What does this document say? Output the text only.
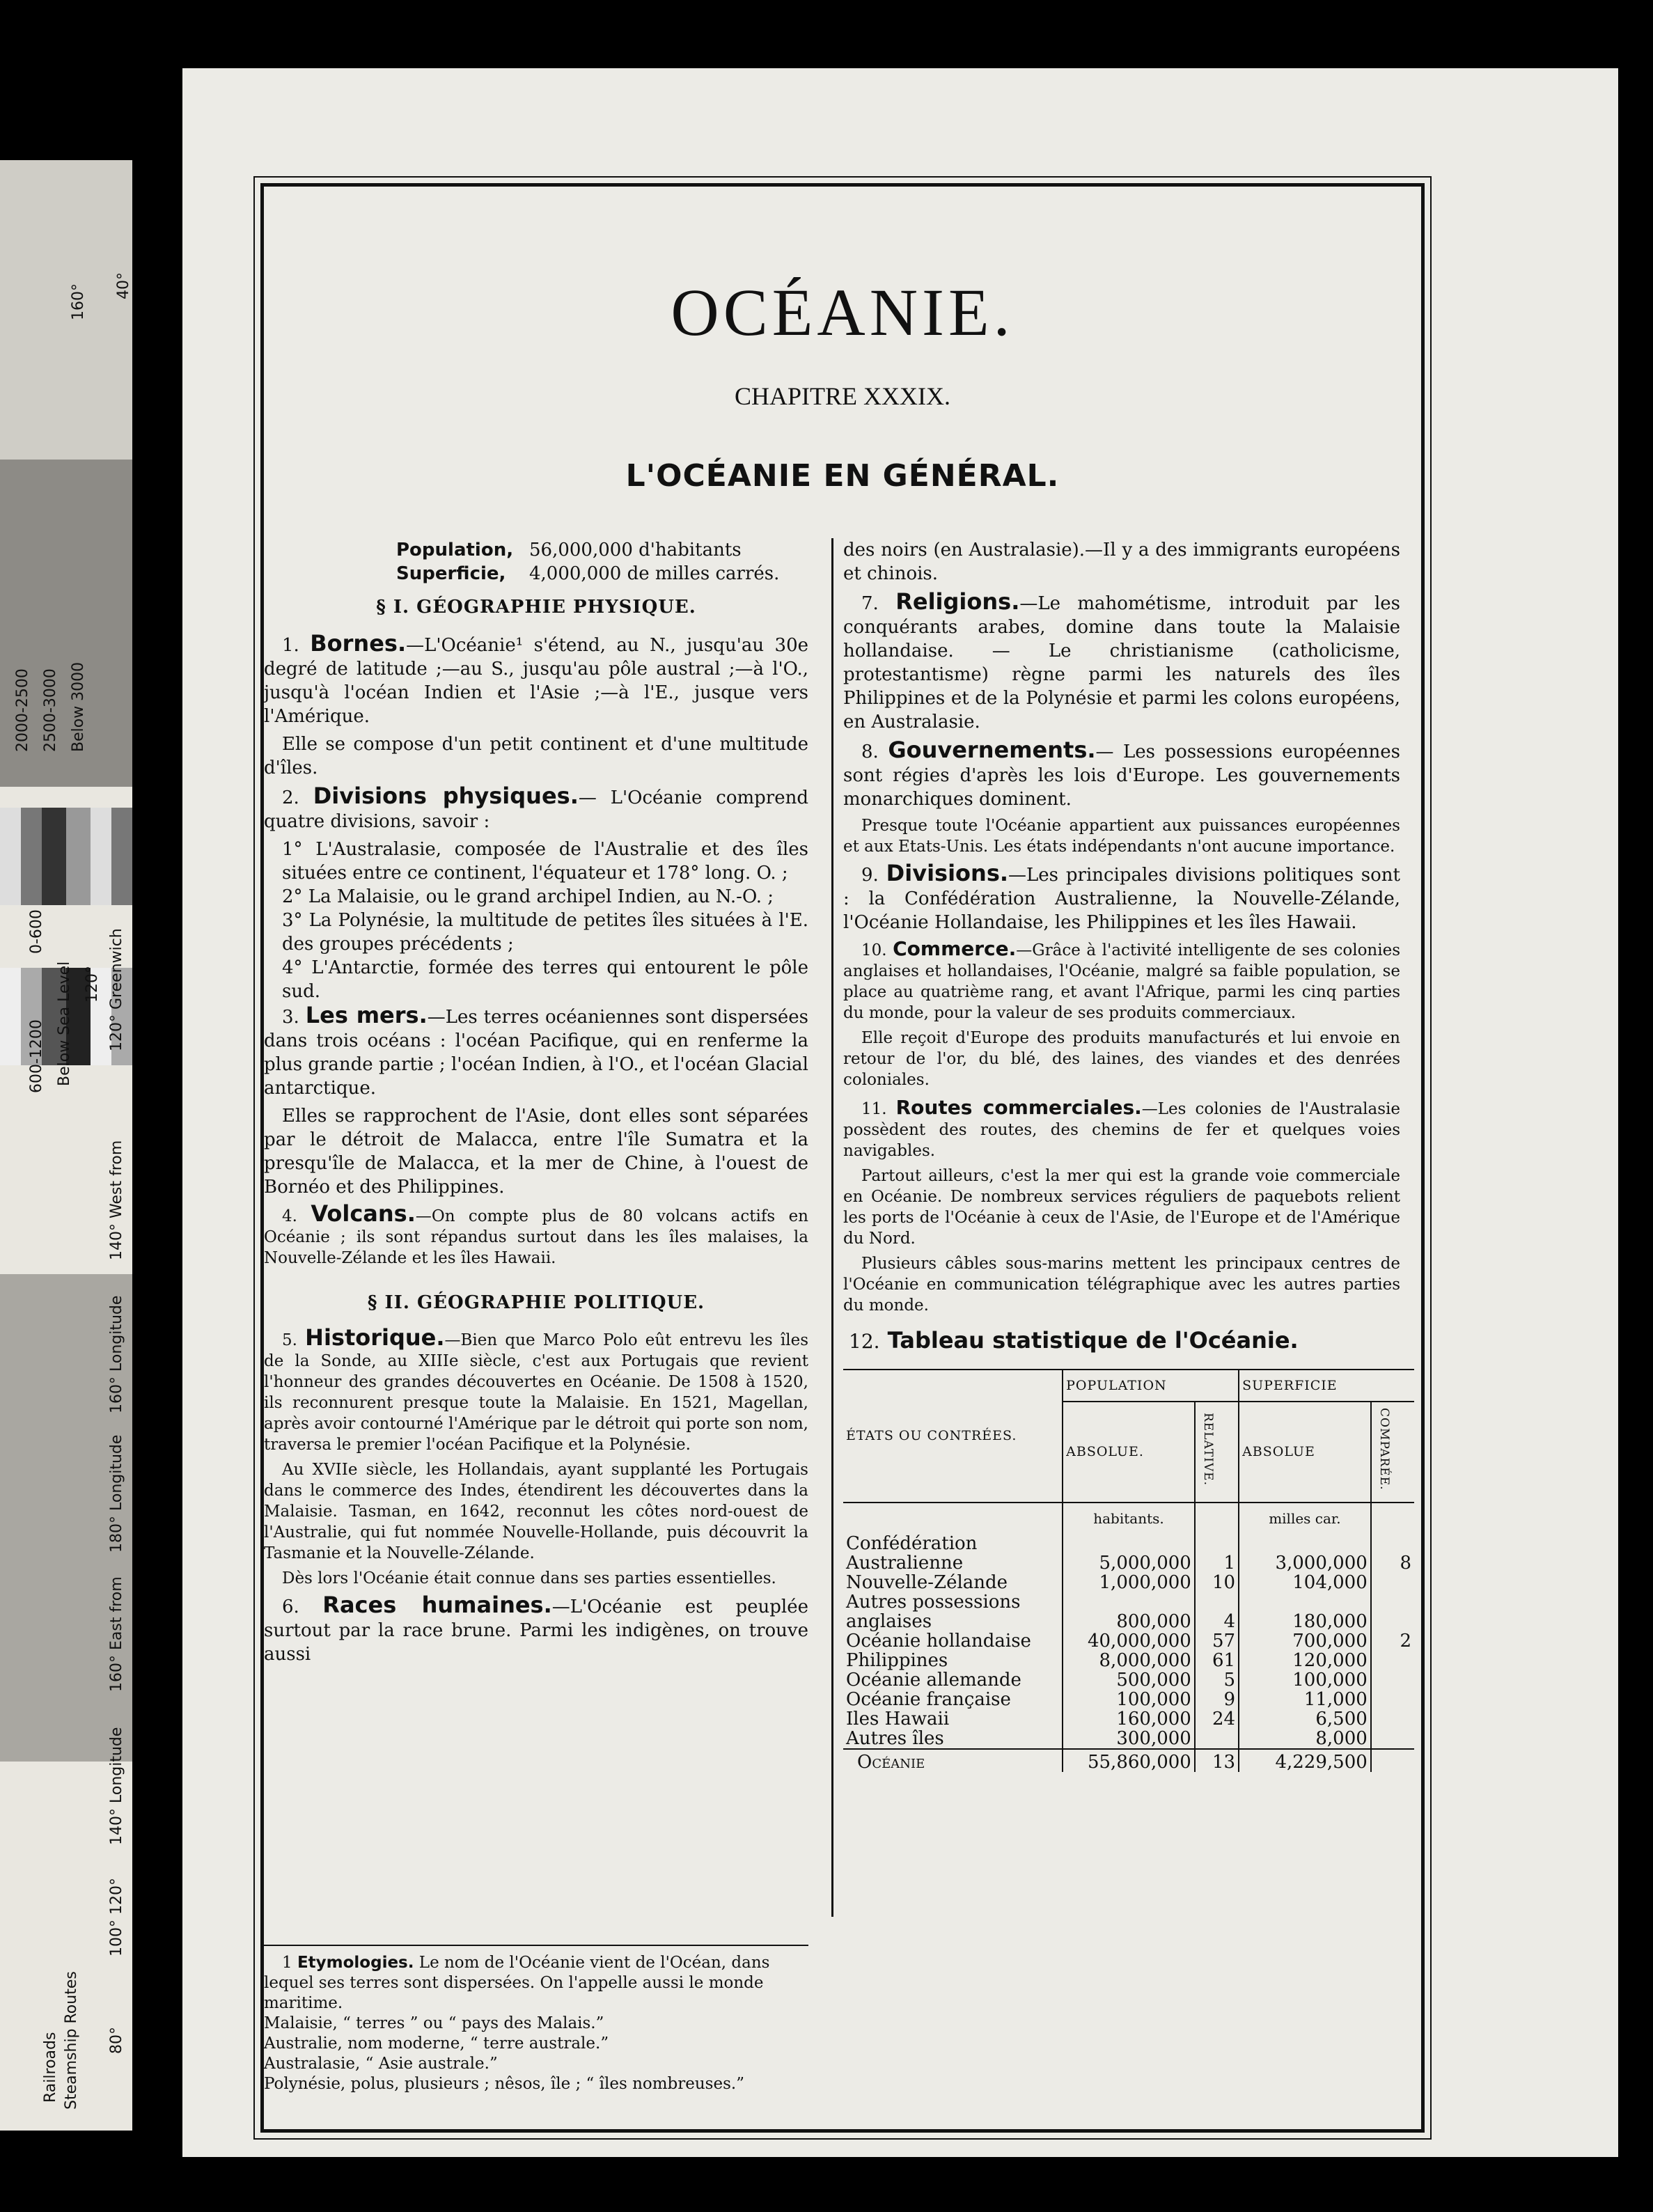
Below Sea Level
0-600
600-1200
2000-2500 2500-3000 Below 3000
120° Greenwich
140° West from
160° Longitude
180° Longitude
160° East from
140° Longitude
120°
100°
80°
Railroads Steamship Routes
40°
160°
120°
OCÉANIE.
CHAPITRE XXXIX.
L'OCÉANIE EN GÉNÉRAL.
Population, 56,000,000 d'habitants
Superficie,	4,000,000 de milles carrés.

§ I. GÉOGRAPHIE PHYSIQUE.

1. Bornes.—L'Océanie¹ s'étend, au N., jusqu'au 30e degré de latitude ;—au S., jusqu'au pôle austral ;—à l'O., jusqu'à l'océan Indien et l'Asie ;—à l'E., jusque vers l'Amérique.

Elle se compose d'un petit continent et d'une multitude d'îles.

2. Divisions physiques.— L'Océanie comprend quatre divisions, savoir :

1° L'Australasie, composée de l'Australie et des îles situées entre ce continent, l'équateur et 178° long. O. ;

2° La Malaisie, ou le grand archipel Indien, au N.-O. ;

3° La Polynésie, la multitude de petites îles situées à l'E. des groupes précédents ;

4° L'Antarctie, formée des terres qui entourent le pôle sud.

3. Les mers.—Les terres océaniennes sont dispersées dans trois océans : l'océan Pacifique, qui en renferme la plus grande partie ; l'océan Indien, à l'O., et l'océan Glacial antarctique.

Elles se rapprochent de l'Asie, dont elles sont séparées par le détroit de Malacca, entre l'île Sumatra et la presqu'île de Malacca, et la mer de Chine, à l'ouest de Bornéo et des Philippines.

4. Volcans.—On compte plus de 80 volcans actifs en Océanie ; ils sont répandus surtout dans les îles malaises, la Nouvelle-Zélande et les îles Hawaii.

§ II. GÉOGRAPHIE POLITIQUE.

5. Historique.—Bien que Marco Polo eût entrevu les îles de la Sonde, au XIIIe siècle, c'est aux Portugais que revient l'honneur des grandes découvertes en Océanie. De 1508 à 1520, ils reconnurent presque toute la Malaisie. En 1521, Magellan, après avoir contourné l'Amérique par le détroit qui porte son nom, traversa le premier l'océan Pacifique et la Polynésie.

Au XVIIe siècle, les Hollandais, ayant supplanté les Portugais dans le commerce des Indes, étendirent les découvertes dans la Malaisie. Tasman, en 1642, reconnut les côtes nord-ouest de l'Australie, qui fut nommée Nouvelle-Hollande, puis découvrit la Tasmanie et la Nouvelle-Zélande.

Dès lors l'Océanie était connue dans ses parties essentielles.

6. Races humaines.—L'Océanie est peuplée surtout par la race brune. Parmi les indigènes, on trouve aussi

1 Etymologies. Le nom de l'Océanie vient de l'Océan, dans lequel ses terres sont dispersées. On l'appelle aussi le monde maritime.
Malaisie, “ terres ” ou “ pays des Malais.”
Australie, nom moderne, “ terre australe.”
Australasie, “ Asie australe.”
Polynésie, polus, plusieurs ; nêsos, île ; “ îles nombreuses.”

des noirs (en Australasie).—Il y a des immigrants européens et chinois.

7. Religions.—Le mahométisme, introduit par les conquérants arabes, domine dans toute la Malaisie hollandaise. — Le christianisme (catholicisme, protestantisme) règne parmi les naturels des îles Philippines et de la Polynésie et parmi les colons européens, en Australasie.

8. Gouvernements.— Les possessions européennes sont régies d'après les lois d'Europe. Les gouvernements monarchiques dominent.

Presque toute l'Océanie appartient aux puissances européennes et aux Etats-Unis. Les états indépendants n'ont aucune importance.

9. Divisions.—Les principales divisions politiques sont : la Confédération Australienne, la Nouvelle-Zélande, l'Océanie Hollandaise, les Philippines et les îles Hawaii.

10. Commerce.—Grâce à l'activité intelligente de ses colonies anglaises et hollandaises, l'Océanie, malgré sa faible population, se place au quatrième rang, et avant l'Afrique, parmi les cinq parties du monde, pour la valeur de ses produits commerciaux.

Elle reçoit d'Europe des produits manufacturés et lui envoie en retour de l'or, du blé, des laines, des viandes et des denrées coloniales.

11. Routes commerciales.—Les colonies de l'Australasie possèdent des routes, des chemins de fer et quelques voies navigables.

Partout ailleurs, c'est la mer qui est la grande voie commerciale en Océanie. De nombreux services réguliers de paquebots relient les ports de l'Océanie à ceux de l'Asie, de l'Europe et de l'Amérique du Nord.

Plusieurs câbles sous-marins mettent les principaux centres de l'Océanie en communication télégraphique avec les autres parties du monde.

12. Tableau statistique de l'Océanie.
ÉTATS OU CONTRÉES.	POPULATION		SUPERFICIE	
	ABSOLUE.	RELATIVE.	ABSOLUE	COMPARÉE.
	habitants.		milles car.	
Confédération Australienne	5,000,000	1	3,000,000	8
Nouvelle-Zélande	1,000,000	10	104,000	
Autres possessions anglaises	800,000	4	180,000	
Océanie hollandaise	40,000,000	57	700,000	2
Philippines	8,000,000	61	120,000	
Océanie allemande	500,000	5	100,000	
Océanie française	100,000	9	11,000	
Iles Hawaii	160,000	24	6,500	
Autres îles	300,000		8,000	
Océanie	55,860,000	13	4,229,500	
